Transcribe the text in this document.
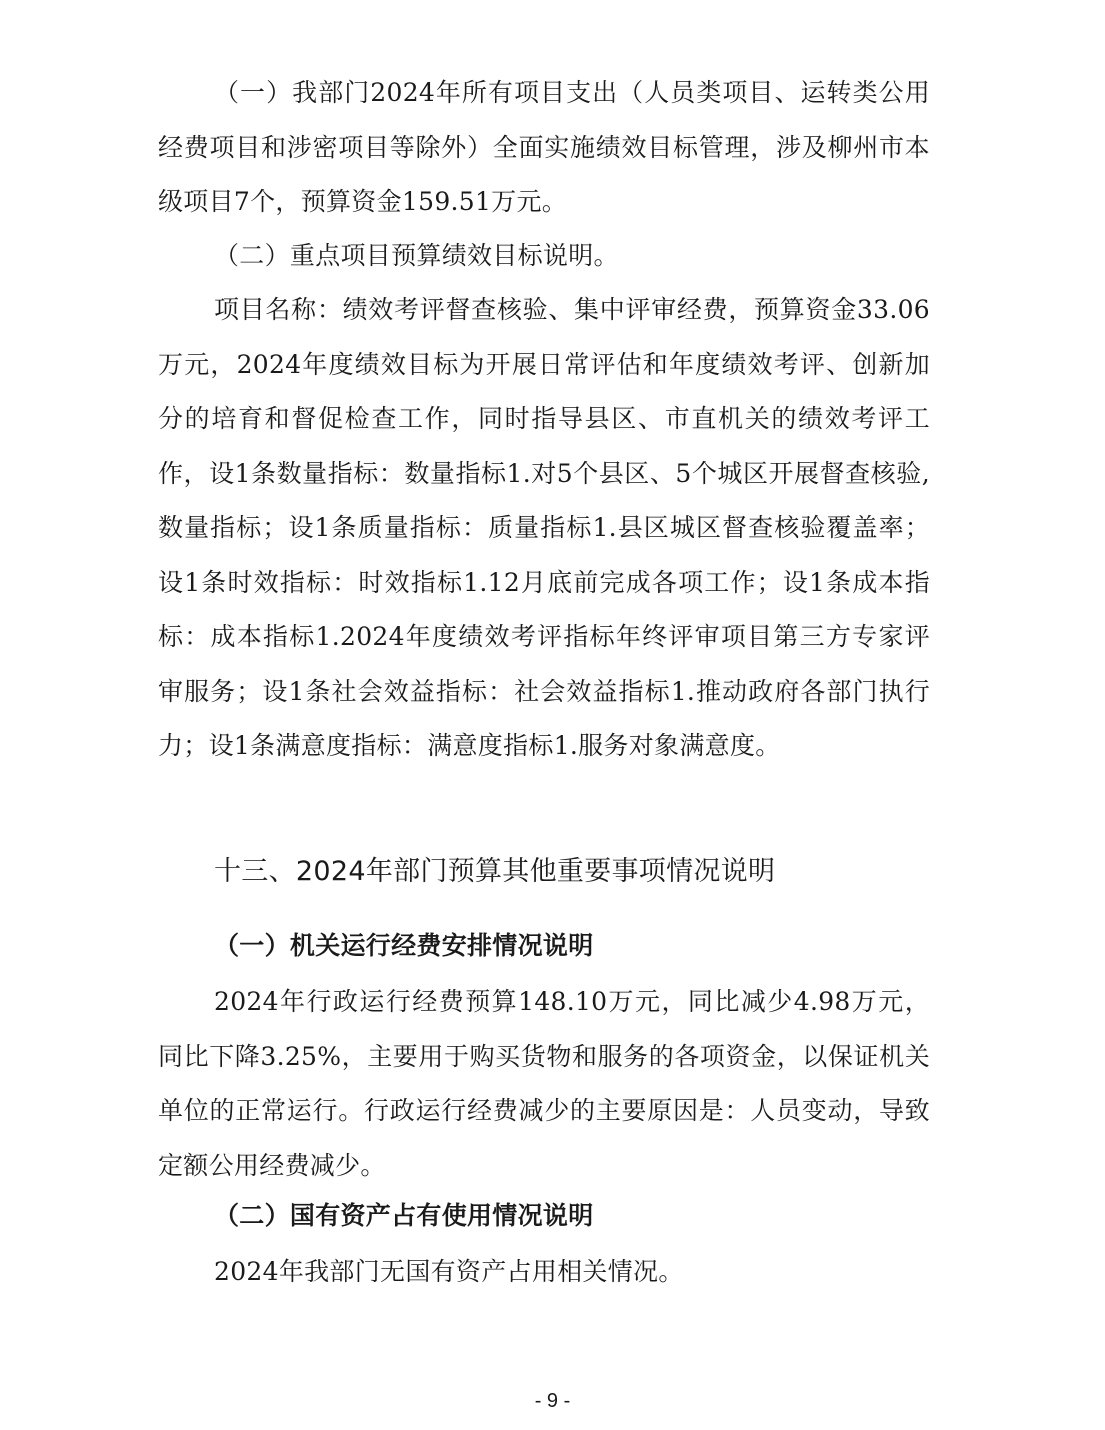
（一）我部门2024年所有项目支出（人员类项目、运转类公用经费项目和涉密项目等除外）全面实施绩效目标管理，涉及柳州市本级项目7个，预算资金159.51万元。

（二）重点项目预算绩效目标说明。

项目名称：绩效考评督查核验、集中评审经费，预算资金33.06万元，2024年度绩效目标为开展日常评估和年度绩效考评、创新加分的培育和督促检查工作，同时指导县区、市直机关的绩效考评工作，设1条数量指标：数量指标1.对5个县区、5个城区开展督查核验,数量指标；设1条质量指标：质量指标1.县区城区督查核验覆盖率；设1条时效指标：时效指标1.12月底前完成各项工作；设1条成本指标：成本指标1.2024年度绩效考评指标年终评审项目第三方专家评审服务；设1条社会效益指标：社会效益指标1.推动政府各部门执行力；设1条满意度指标：满意度指标1.服务对象满意度。

十三、2024年部门预算其他重要事项情况说明
（一）机关运行经费安排情况说明

2024年行政运行经费预算148.10万元，同比减少4.98万元，同比下降3.25%，主要用于购买货物和服务的各项资金，以保证机关单位的正常运行。行政运行经费减少的主要原因是：人员变动，导致定额公用经费减少。

（二）国有资产占有使用情况说明

2024年我部门无国有资产占用相关情况。

- 9 -
